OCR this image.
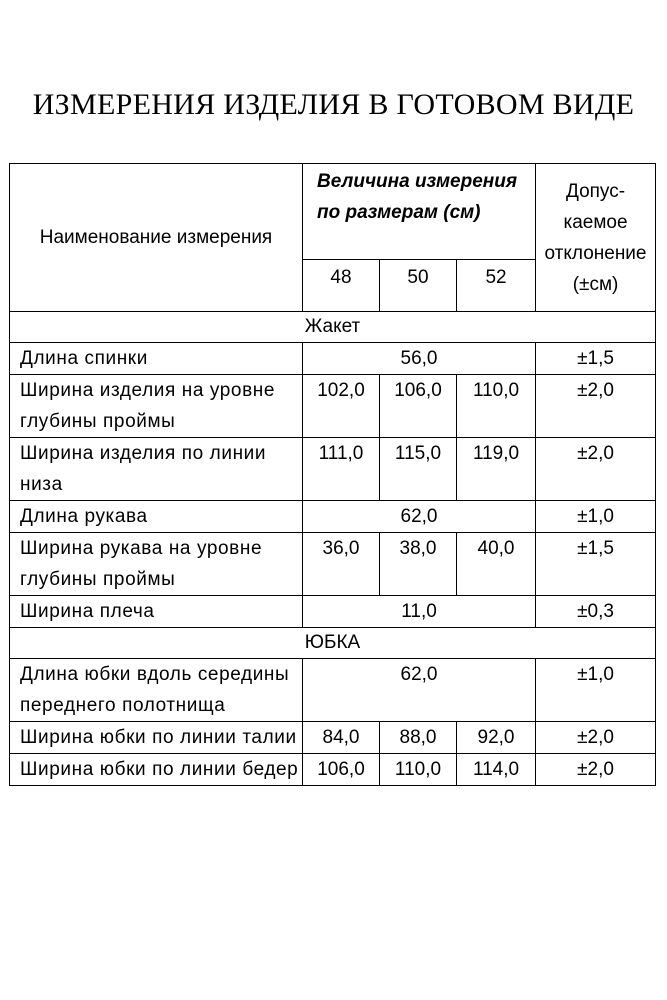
ИЗМЕРЕНИЯ ИЗДЕЛИЯ В ГОТОВОМ ВИДЕ
Наименование измерения	Величина измерения по размерам (см)			Допус-каемое отклонение (±см)
	48	50	52	
Жакет				
Длина спинки	56,0			±1,5
Ширина изделия на уровне глубины проймы	102,0	106,0	110,0	±2,0
Ширина изделия по линии низа	111,0	115,0	119,0	±2,0
Длина рукава	62,0			±1,0
Ширина рукава на уровне глубины проймы	36,0	38,0	40,0	±1,5
Ширина плеча	11,0			±0,3
ЮБКА				
Длина юбки вдоль середины переднего полотнища	62,0			±1,0
Ширина юбки по линии талии	84,0	88,0	92,0	±2,0
Ширина юбки по линии бедер	106,0	110,0	114,0	±2,0
